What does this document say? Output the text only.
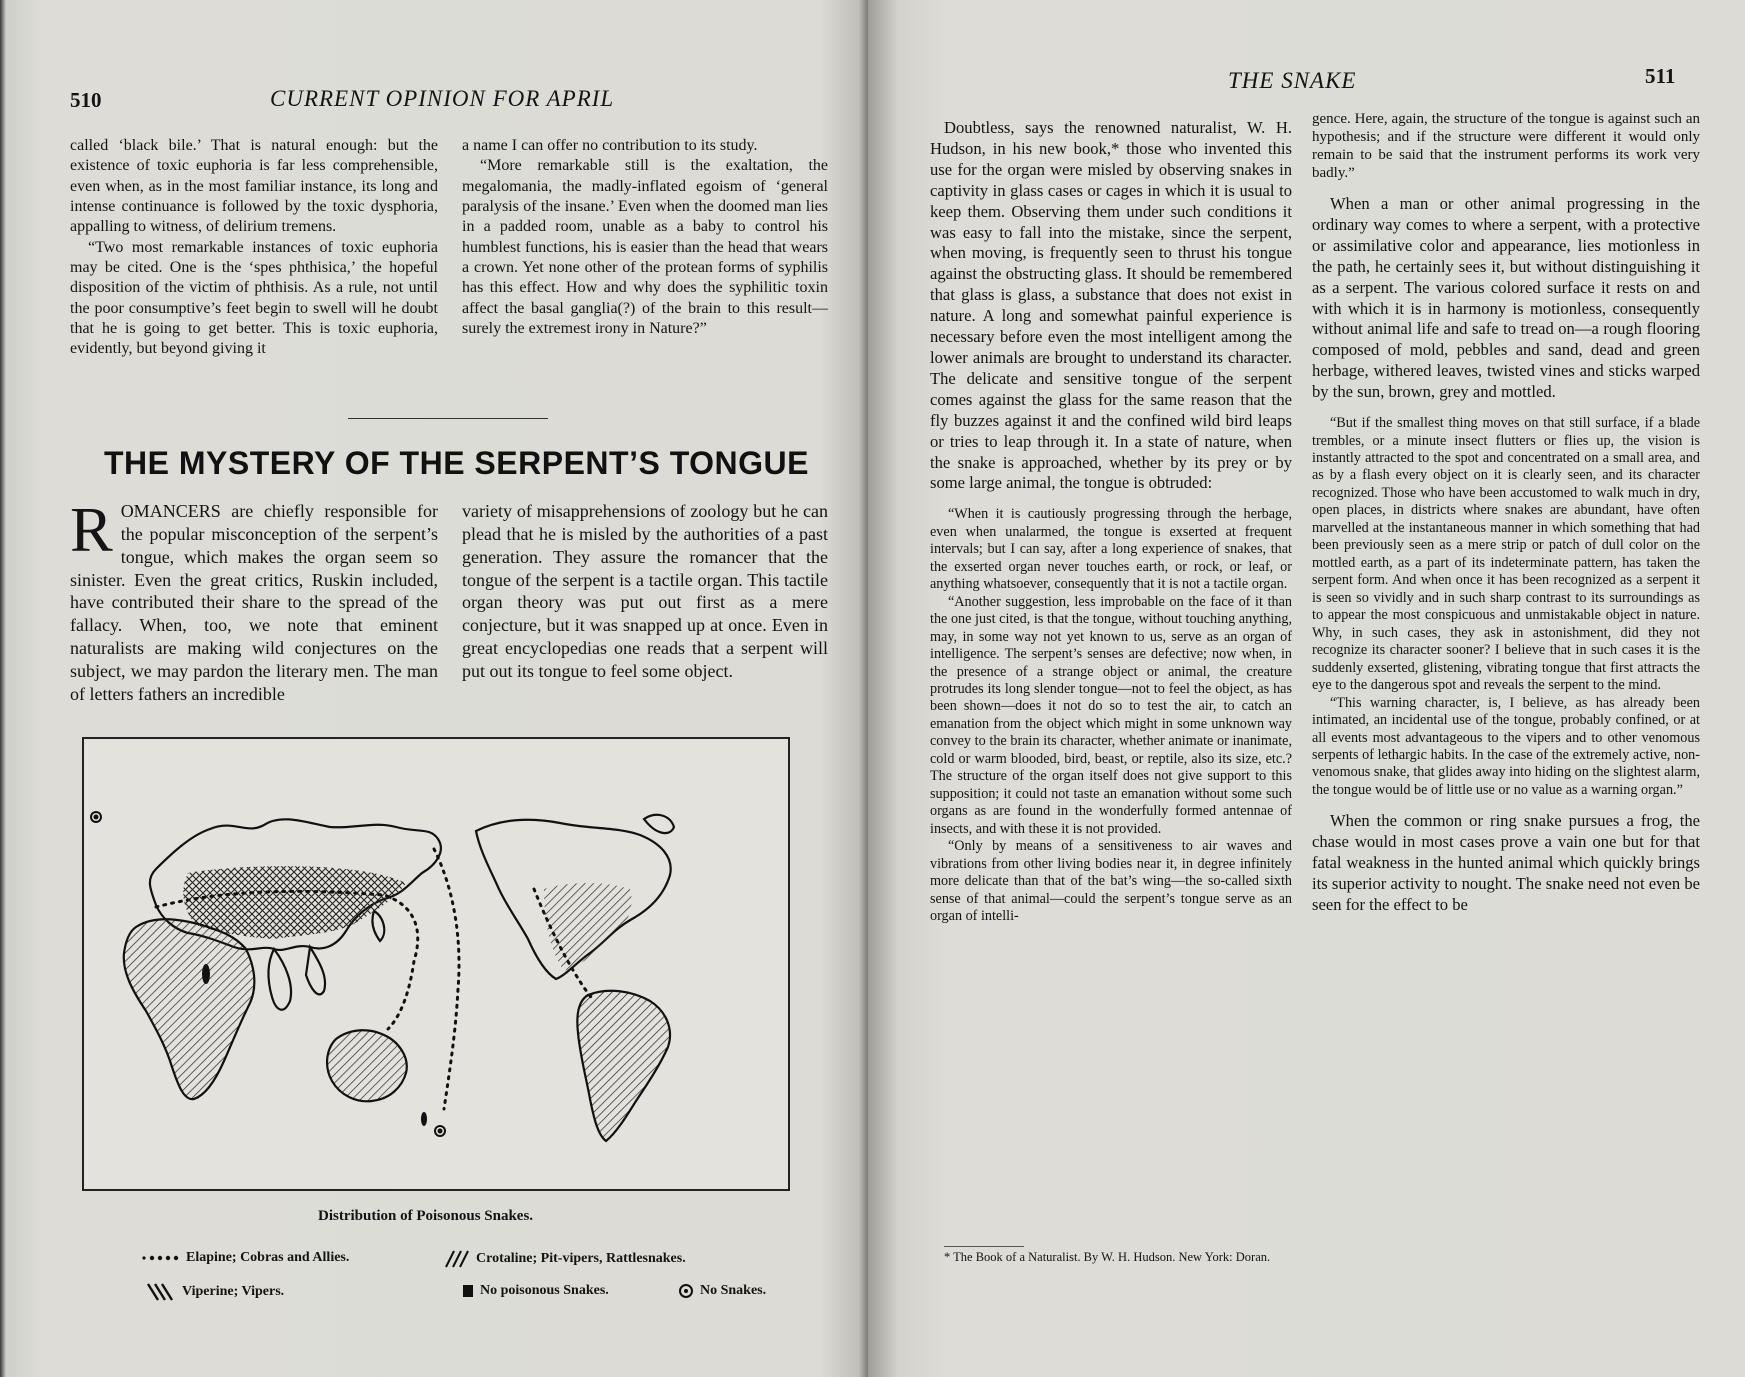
510	CURRENT OPINION FOR APRIL

called ‘black bile.’ That is natural enough: but the existence of toxic euphoria is far less comprehensible, even when, as in the most familiar instance, its long and intense continuance is followed by the toxic dysphoria, appalling to witness, of delirium tremens.

“Two most remarkable instances of toxic euphoria may be cited. One is the ‘spes phthisica,’ the hopeful disposition of the victim of phthisis. As a rule, not until the poor consumptive’s feet begin to swell will he doubt that he is going to get better. This is toxic euphoria, evidently, but beyond giving it

a name I can offer no contribution to its study.

“More remarkable still is the exaltation, the megalomania, the madly-inflated egoism of ‘general paralysis of the insane.’ Even when the doomed man lies in a padded room, unable as a baby to control his humblest functions, his is easier than the head that wears a crown. Yet none other of the protean forms of syphilis has this effect. How and why does the syphilitic toxin affect the basal ganglia(?) of the brain to this result—surely the extremest irony in Nature?”

THE MYSTERY OF THE SERPENT’S TONGUE

ROMANCERS are chiefly responsible for the popular misconception of the serpent’s tongue, which makes the organ seem so sinister. Even the great critics, Ruskin included, have contributed their share to the spread of the fallacy. When, too, we note that eminent naturalists are making wild conjectures on the subject, we may pardon the literary men. The man of letters fathers an incredible

variety of misapprehensions of zoology but he can plead that he is misled by the authorities of a past generation. They assure the romancer that the tongue of the serpent is a tactile organ. This tactile organ theory was put out first as a mere conjecture, but it was snapped up at once. Even in great encyclopedias one reads that a serpent will put out its tongue to feel some object.

Distribution of Poisonous Snakes.
Elapine; Cobras and Allies.	Crotaline; Pit-vipers, Rattlesnakes.
Viperine; Vipers.	No poisonous Snakes.	No Snakes.
THE SNAKE	511

Doubtless, says the renowned naturalist, W. H. Hudson, in his new book,* those who invented this use for the organ were misled by observing snakes in captivity in glass cases or cages in which it is usual to keep them. Observing them under such conditions it was easy to fall into the mistake, since the serpent, when moving, is frequently seen to thrust his tongue against the obstructing glass. It should be remembered that glass is glass, a substance that does not exist in nature. A long and somewhat painful experience is necessary before even the most intelligent among the lower animals are brought to understand its character. The delicate and sensitive tongue of the serpent comes against the glass for the same reason that the fly buzzes against it and the confined wild bird leaps or tries to leap through it. In a state of nature, when the snake is approached, whether by its prey or by some large animal, the tongue is obtruded:

“When it is cautiously progressing through the herbage, even when unalarmed, the tongue is exserted at frequent intervals; but I can say, after a long experience of snakes, that the exserted organ never touches earth, or rock, or leaf, or anything whatsoever, consequently that it is not a tactile organ.

“Another suggestion, less improbable on the face of it than the one just cited, is that the tongue, without touching anything, may, in some way not yet known to us, serve as an organ of intelligence. The serpent’s senses are defective; now when, in the presence of a strange object or animal, the creature protrudes its long slender tongue—not to feel the object, as has been shown—does it not do so to test the air, to catch an emanation from the object which might in some unknown way convey to the brain its character, whether animate or inanimate, cold or warm blooded, bird, beast, or reptile, also its size, etc.? The structure of the organ itself does not give support to this supposition; it could not taste an emanation without some such organs as are found in the wonderfully formed antennae of insects, and with these it is not provided.

“Only by means of a sensitiveness to air waves and vibrations from other living bodies near it, in degree infinitely more delicate than that of the bat’s wing—the so-called sixth sense of that animal—could the serpent’s tongue serve as an organ of intelli-

* The Book of a Naturalist. By W. H. Hudson. New York: Doran.

gence. Here, again, the structure of the tongue is against such an hypothesis; and if the structure were different it would only remain to be said that the instrument performs its work very badly.”

When a man or other animal progressing in the ordinary way comes to where a serpent, with a protective or assimilative color and appearance, lies motionless in the path, he certainly sees it, but without distinguishing it as a serpent. The various colored surface it rests on and with which it is in harmony is motionless, consequently without animal life and safe to tread on—a rough flooring composed of mold, pebbles and sand, dead and green herbage, withered leaves, twisted vines and sticks warped by the sun, brown, grey and mottled.

“But if the smallest thing moves on that still surface, if a blade trembles, or a minute insect flutters or flies up, the vision is instantly attracted to the spot and concentrated on a small area, and as by a flash every object on it is clearly seen, and its character recognized. Those who have been accustomed to walk much in dry, open places, in districts where snakes are abundant, have often marvelled at the instantaneous manner in which something that had been previously seen as a mere strip or patch of dull color on the mottled earth, as a part of its indeterminate pattern, has taken the serpent form. And when once it has been recognized as a serpent it is seen so vividly and in such sharp contrast to its surroundings as to appear the most conspicuous and unmistakable object in nature. Why, in such cases, they ask in astonishment, did they not recognize its character sooner? I believe that in such cases it is the suddenly exserted, glistening, vibrating tongue that first attracts the eye to the dangerous spot and reveals the serpent to the mind.

“This warning character, is, I believe, as has already been intimated, an incidental use of the tongue, probably confined, or at all events most advantageous to the vipers and to other venomous serpents of lethargic habits. In the case of the extremely active, non-venomous snake, that glides away into hiding on the slightest alarm, the tongue would be of little use or no value as a warning organ.”

When the common or ring snake pursues a frog, the chase would in most cases prove a vain one but for that fatal weakness in the hunted animal which quickly brings its superior activity to nought. The snake need not even be seen for the effect to be
